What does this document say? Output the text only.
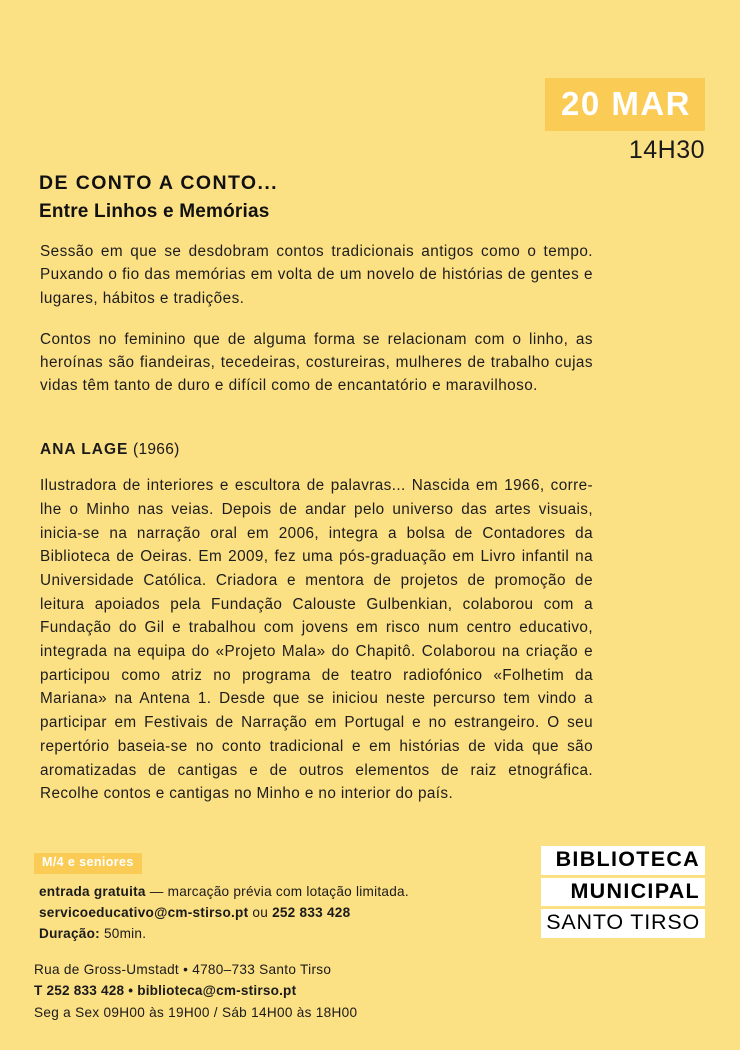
20 MAR
14H30
DE CONTO A CONTO...
Entre Linhos e Memórias

Sessão em que se desdobram contos tradicionais antigos como o tempo. Puxando o fio das memórias em volta de um novelo de histórias de gentes e lugares, hábitos e tradições.

Contos no feminino que de alguma forma se relacionam com o linho, as heroínas são fiandeiras, tecedeiras, costureiras, mulheres de trabalho cujas vidas têm tanto de duro e difícil como de encantatório e maravilhoso.

ANA LAGE (1966)

Ilustradora de interiores e escultora de palavras... Nascida em 1966, corre-lhe o Minho nas veias. Depois de andar pelo universo das artes visuais, inicia-se na narração oral em 2006, integra a bolsa de Contadores da Biblioteca de Oeiras. Em 2009, fez uma pós-graduação em Livro infantil na Universidade Católica. Criadora e mentora de projetos de promoção de leitura apoiados pela Fundação Calouste Gulbenkian, colaborou com a Fundação do Gil e trabalhou com jovens em risco num centro educativo, integrada na equipa do «Projeto Mala» do Chapitô. Colaborou na criação e participou como atriz no programa de teatro radiofónico «Folhetim da Mariana» na Antena 1. Desde que se iniciou neste percurso tem vindo a participar em Festivais de Narração em Portugal e no estrangeiro. O seu repertório baseia-se no conto tradicional e em histórias de vida que são aromatizadas de cantigas e de outros elementos de raiz etnográfica. Recolhe contos e cantigas no Minho e no interior do país.

M/4 e seniores

entrada gratuita — marcação prévia com lotação limitada.

servicoeducativo@cm-stirso.pt ou 252 833 428

Duração: 50min.

BIBLIOTECA
MUNICIPAL
SANTO TIRSO

Rua de Gross-Umstadt • 4780–733 Santo Tirso

T 252 833 428 • biblioteca@cm-stirso.pt

Seg a Sex 09H00 às 19H00 / Sáb 14H00 às 18H00
